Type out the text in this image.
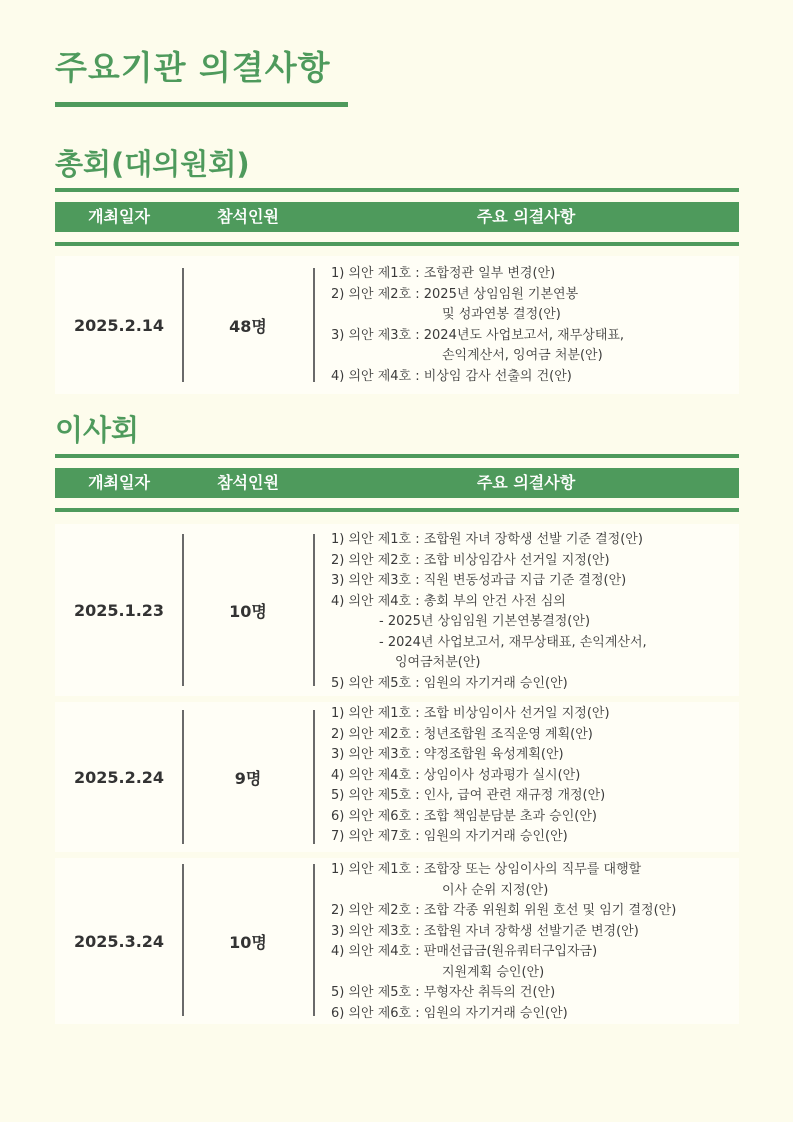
주요기관 의결사항
총회(대의원회)
개최일자	참석인원	주요 의결사항
2025.2.14	48명
1) 의안 제1호 : 조합정관 일부 변경(안)
2) 의안 제2호 : 2025년 상임임원 기본연봉
및 성과연봉 결정(안)
3) 의안 제3호 : 2024년도 사업보고서, 재무상태표,
손익계산서, 잉여금 처분(안)
4) 의안 제4호 : 비상임 감사 선출의 건(안)
이사회
개최일자	참석인원	주요 의결사항
2025.1.23	10명
1) 의안 제1호 : 조합원 자녀 장학생 선발 기준 결정(안)
2) 의안 제2호 : 조합 비상임감사 선거일 지정(안)
3) 의안 제3호 : 직원 변동성과급 지급 기준 결정(안)
4) 의안 제4호 : 총회 부의 안건 사전 심의
- 2025년 상임임원 기본연봉결정(안)
- 2024년 사업보고서, 재무상태표, 손익계산서,
잉여금처분(안)
5) 의안 제5호 : 임원의 자기거래 승인(안)
2025.2.24	9명
1) 의안 제1호 : 조합 비상임이사 선거일 지정(안)
2) 의안 제2호 : 청년조합원 조직운영 계획(안)
3) 의안 제3호 : 약정조합원 육성계획(안)
4) 의안 제4호 : 상임이사 성과평가 실시(안)
5) 의안 제5호 : 인사, 급여 관련 재규정 개정(안)
6) 의안 제6호 : 조합 책임분담분 초과 승인(안)
7) 의안 제7호 : 임원의 자기거래 승인(안)
2025.3.24	10명
1) 의안 제1호 : 조합장 또는 상임이사의 직무를 대행할
이사 순위 지정(안)
2) 의안 제2호 : 조합 각종 위원회 위원 호선 및 임기 결정(안)
3) 의안 제3호 : 조합원 자녀 장학생 선발기준 변경(안)
4) 의안 제4호 : 판매선급금(원유쿼터구입자금)
지원계획 승인(안)
5) 의안 제5호 : 무형자산 취득의 건(안)
6) 의안 제6호 : 임원의 자기거래 승인(안)
